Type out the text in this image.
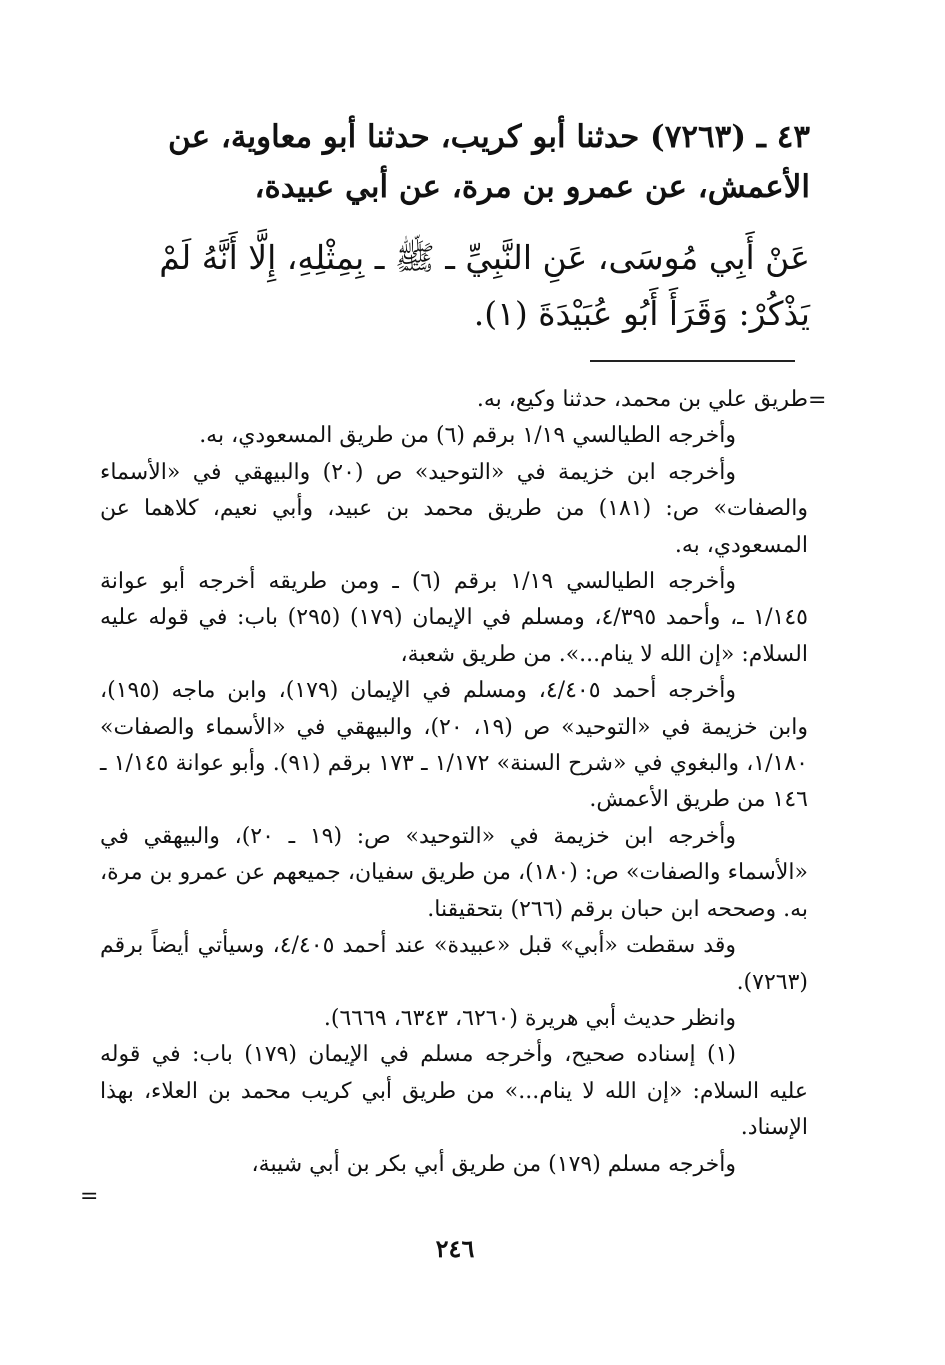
٤٣ ـ (٧٢٦٣) حدثنا أبو كريب، حدثنا أبو معاوية، عن

الأعمش، عن عمرو بن مرة، عن أبي عبيدة،

عَنْ أَبِي مُوسَى، عَنِ النَّبِيِّ ـ ﷺ ـ بِمِثْلِهِ، إِلَّا أَنَّهُ لَمْ

يَذْكُرْ: وَقَرَأَ أَبُو عُبَيْدَةَ (١).

=

طريق علي بن محمد، حدثنا وكيع، به.

وأخرجه الطيالسي ١/١٩ برقم (٦) من طريق المسعودي، به.

وأخرجه ابن خزيمة في «التوحيد» ص (٢٠) والبيهقي في «الأسماء والصفات» ص: (١٨١) من طريق محمد بن عبيد، وأبي نعيم، كلاهما عن المسعودي، به.

وأخرجه الطيالسي ١/١٩ برقم (٦) ـ ومن طريقه أخرجه أبو عوانة ١/١٤٥ ـ، وأحمد ٤/٣٩٥، ومسلم في الإيمان (١٧٩) (٢٩٥) باب: في قوله عليه السلام: «إن الله لا ينام...». من طريق شعبة،

وأخرجه أحمد ٤/٤٠٥، ومسلم في الإيمان (١٧٩)، وابن ماجه (١٩٥)، وابن خزيمة في «التوحيد» ص (١٩، ٢٠)، والبيهقي في «الأسماء والصفات» ١/١٨٠، والبغوي في «شرح السنة» ١/١٧٢ ـ ١٧٣ برقم (٩١). وأبو عوانة ١/١٤٥ ـ ١٤٦ من طريق الأعمش.

وأخرجه ابن خزيمة في «التوحيد» ص: (١٩ ـ ٢٠)، والبيهقي في «الأسماء والصفات» ص: (١٨٠)، من طريق سفيان، جميعهم عن عمرو بن مرة، به. وصححه ابن حبان برقم (٢٦٦) بتحقيقنا.

وقد سقطت «أبي» قبل «عبيدة» عند أحمد ٤/٤٠٥، وسيأتي أيضاً برقم (٧٢٦٣).

وانظر حديث أبي هريرة (٦٢٦٠، ٦٣٤٣، ٦٦٦٩).

(١) إسناده صحيح، وأخرجه مسلم في الإيمان (١٧٩) باب: في قوله عليه السلام: «إن الله لا ينام...» من طريق أبي كريب محمد بن العلاء، بهذا الإسناد.

وأخرجه مسلم (١٧٩) من طريق أبي بكر بن أبي شيبة،

=
٢٤٦
